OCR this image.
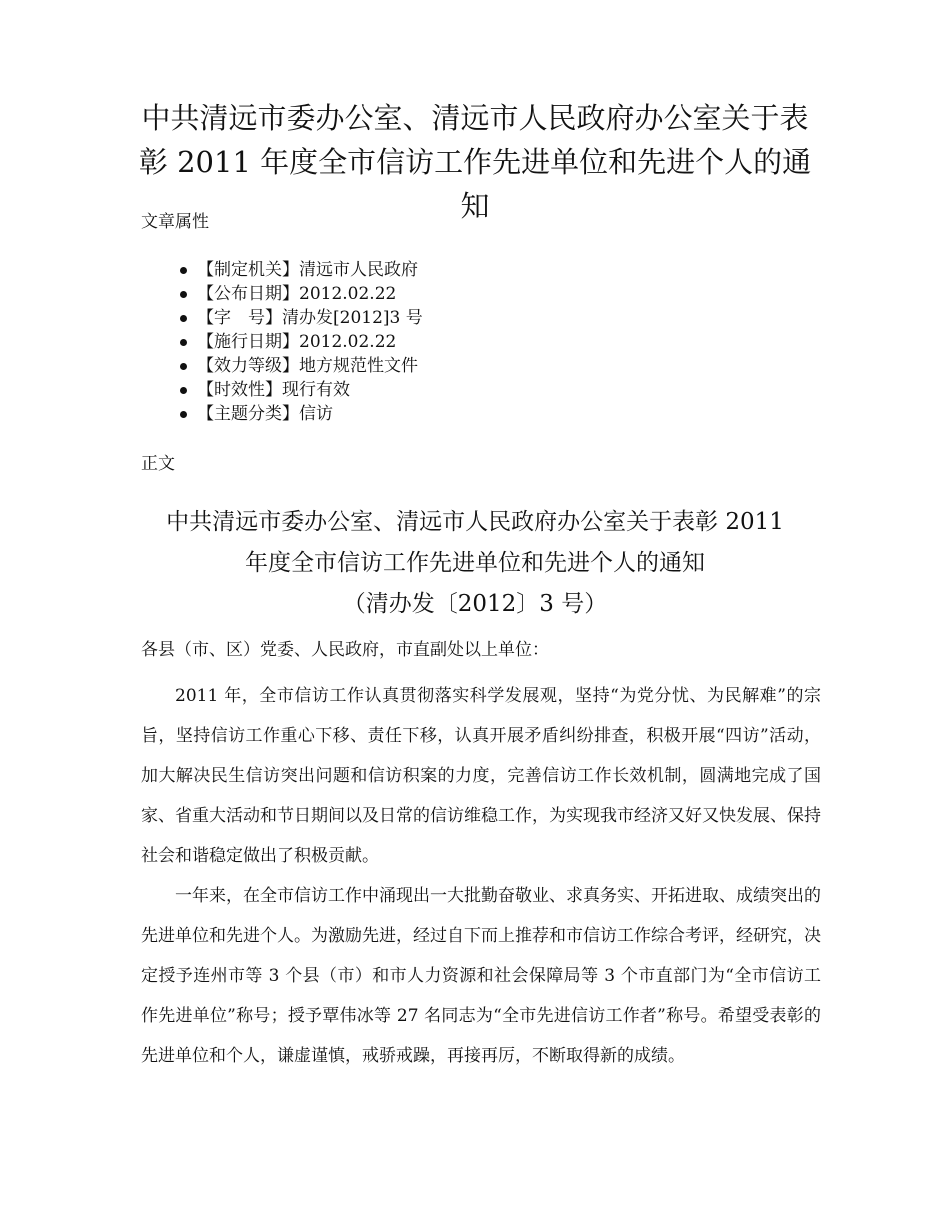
中共清远市委办公室、清远市人民政府办公室关于表彰 2011 年度全市信访工作先进单位和先进个人的通知

文章属性

【制定机关】清远市人民政府
【公布日期】2012.02.22
【字　号】清办发[2012]3 号
【施行日期】2012.02.22
【效力等级】地方规范性文件
【时效性】现行有效
【主题分类】信访

正文

中共清远市委办公室、清远市人民政府办公室关于表彰 2011
年度全市信访工作先进单位和先进个人的通知
（清办发〔2012〕3 号）

各县（市、区）党委、人民政府，市直副处以上单位：

2011 年，全市信访工作认真贯彻落实科学发展观，坚持“为党分忧、为民解难”的宗旨，坚持信访工作重心下移、责任下移，认真开展矛盾纠纷排查，积极开展“四访”活动，加大解决民生信访突出问题和信访积案的力度，完善信访工作长效机制，圆满地完成了国家、省重大活动和节日期间以及日常的信访维稳工作，为实现我市经济又好又快发展、保持社会和谐稳定做出了积极贡献。

一年来，在全市信访工作中涌现出一大批勤奋敬业、求真务实、开拓进取、成绩突出的先进单位和先进个人。为激励先进，经过自下而上推荐和市信访工作综合考评，经研究，决定授予连州市等 3 个县（市）和市人力资源和社会保障局等 3 个市直部门为“全市信访工作先进单位”称号；授予覃伟冰等 27 名同志为“全市先进信访工作者”称号。希望受表彰的先进单位和个人，谦虚谨慎，戒骄戒躁，再接再厉，不断取得新的成绩。
